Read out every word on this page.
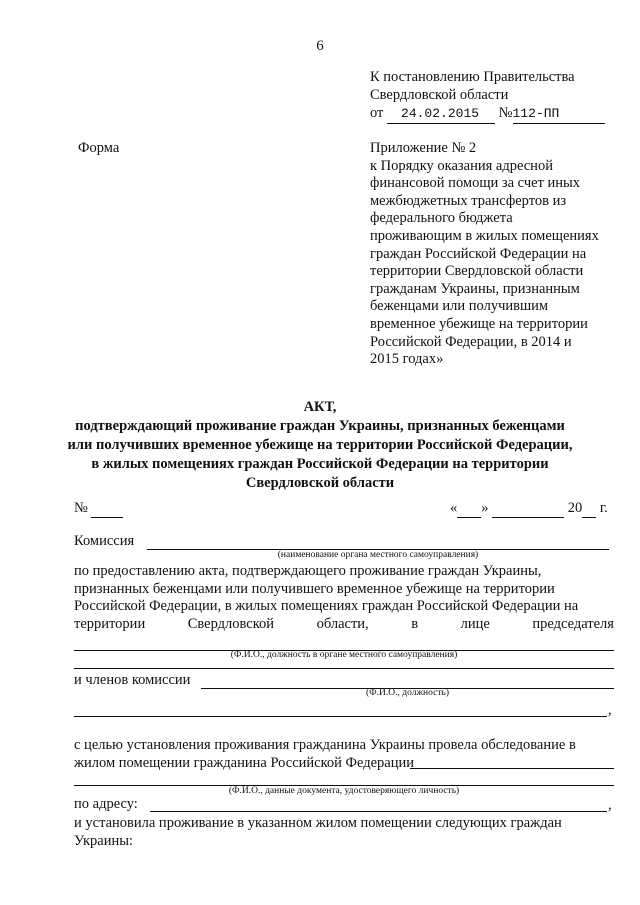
6
К постановлению Правительства
Свердловской области
от 24.02.2015 №112-ПП
Форма	Приложение № 2
к Порядку оказания адресной
финансовой помощи за счет иных
межбюджетных трансфертов из
федерального бюджета
проживающим в жилых помещениях
граждан Российской Федерации на
территории Свердловской области
гражданам Украины, признанным
беженцами или получившим
временное убежище на территории
Российской Федерации, в 2014 и
2015 годах»
АКТ,
подтверждающий проживание граждан Украины, признанных беженцами
или получивших временное убежище на территории Российской Федерации,
в жилых помещениях граждан Российской Федерации на территории
Свердловской области
№	« »	20 г.
Комиссия
(наименование органа местного самоуправления)
по предоставлению акта, подтверждающего проживание граждан Украины,
признанных беженцами или получившего временное убежище на территории
Российской Федерации, в жилых помещениях граждан Российской Федерации на
территории	Свердловской	области,	в	лице	председателя
(Ф.И.О., должность в органе местного самоуправления)
и членов комиссии
(Ф.И.О., должность)
,
с целью установления проживания гражданина Украины провела обследование в
жилом помещении гражданина Российской Федерации
(Ф.И.О., данные документа, удостоверяющего личность)
по адресу:	,
и установила проживание в указанном жилом помещении следующих граждан
Украины:
